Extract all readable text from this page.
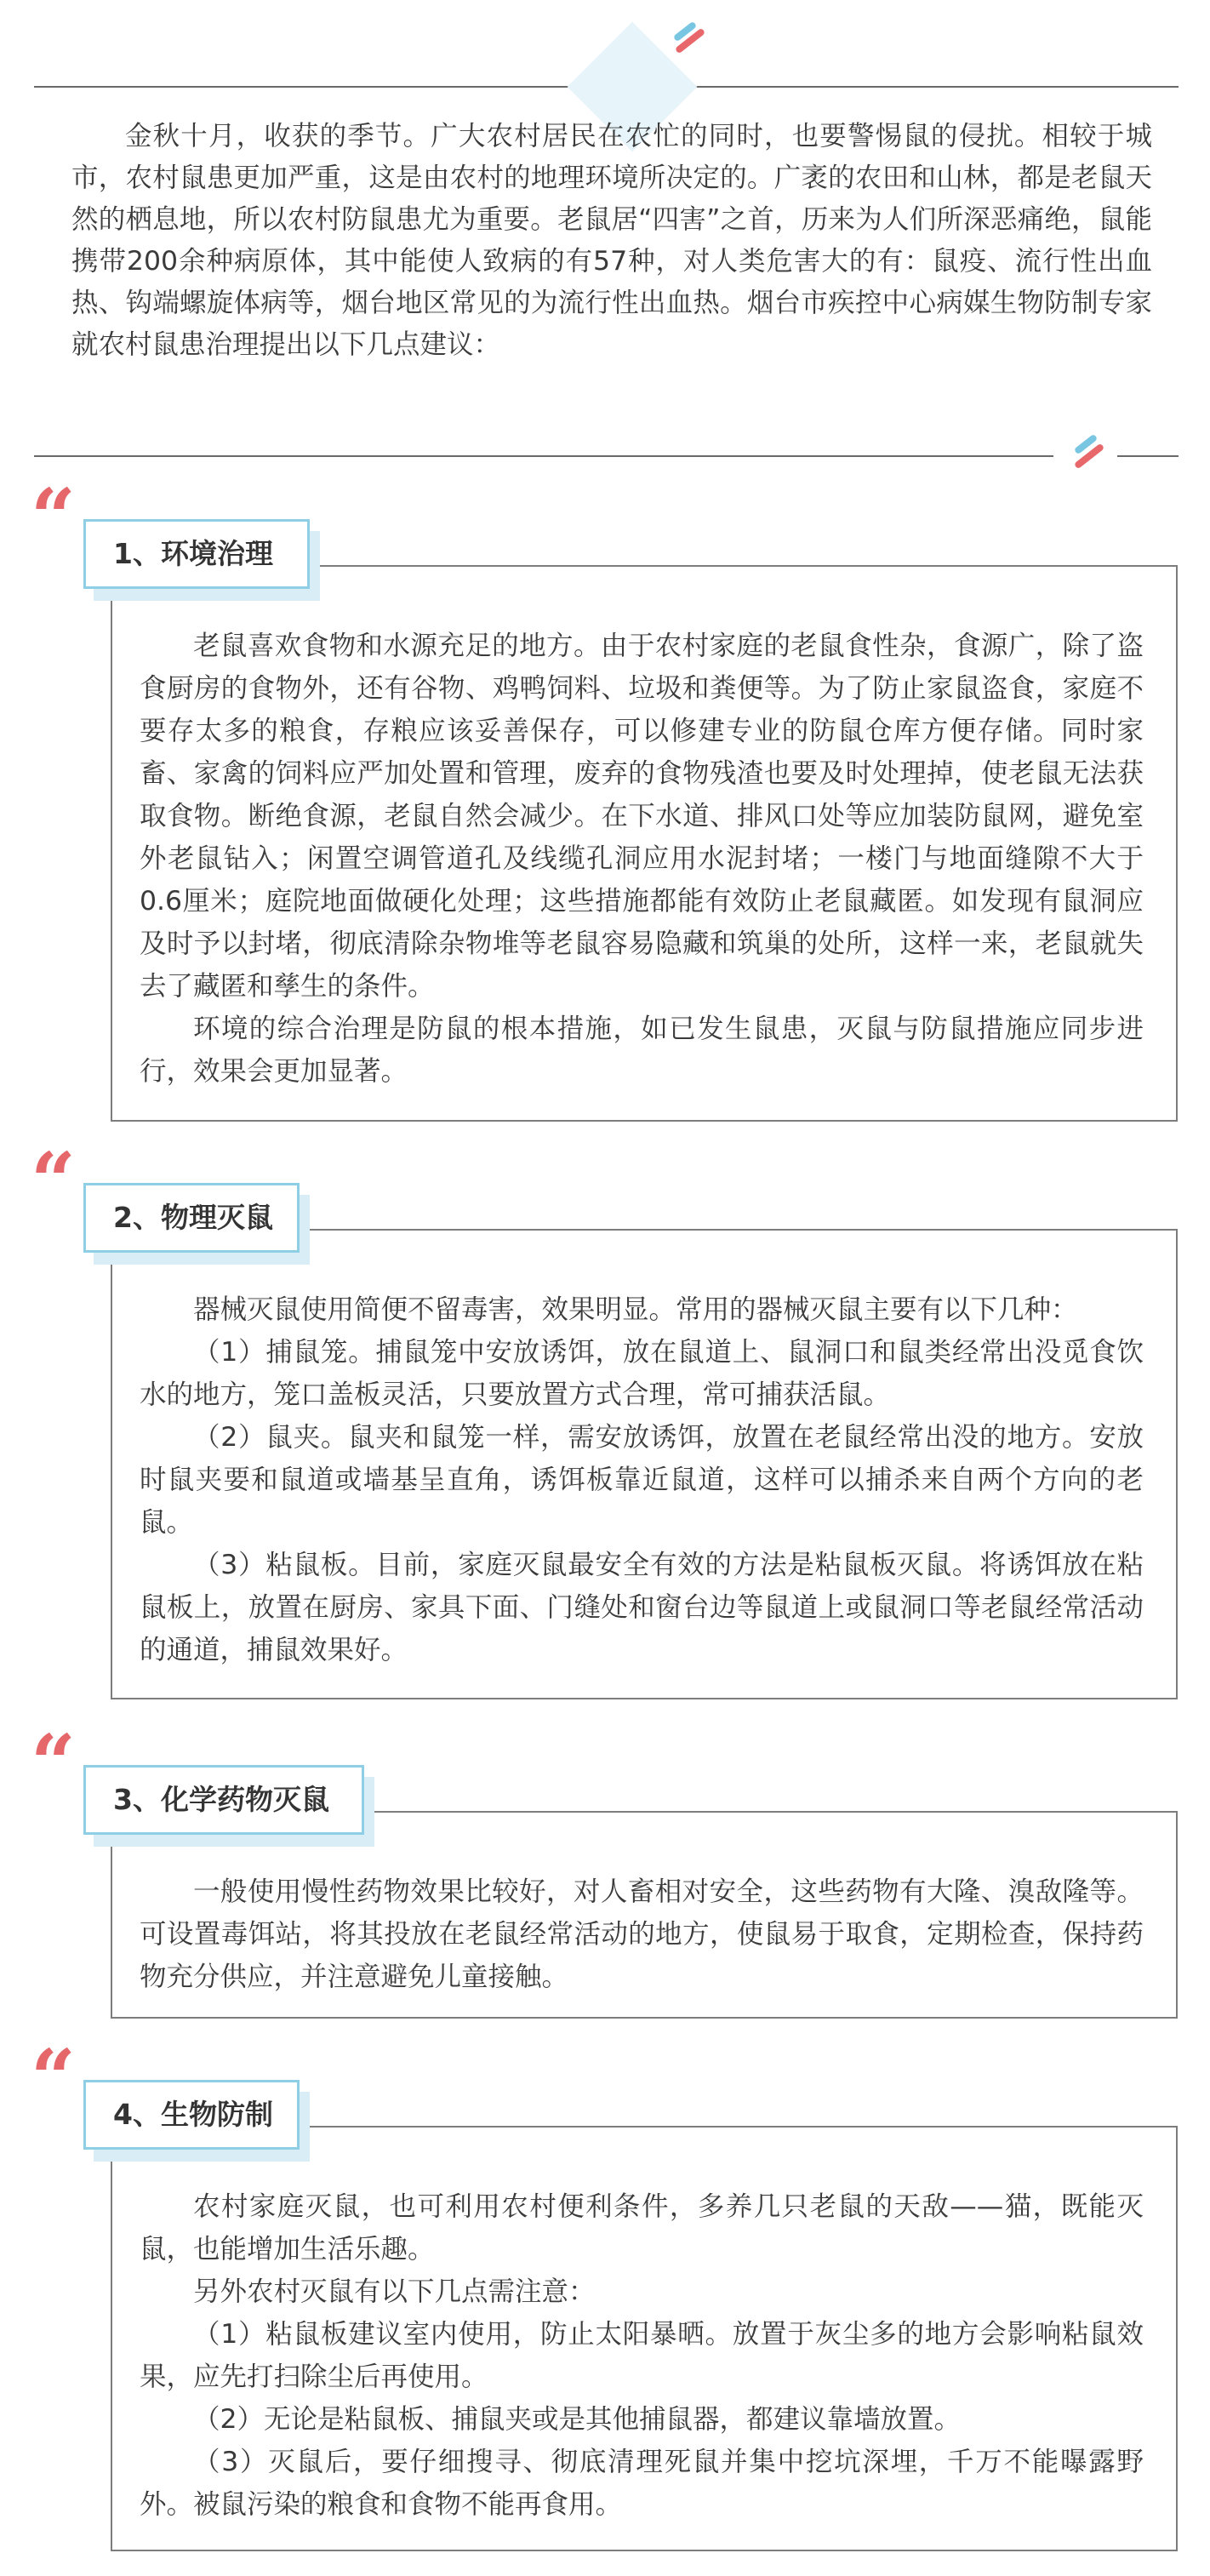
金秋十月，收获的季节。广大农村居民在农忙的同时，也要警惕鼠的侵扰。相较于城市，农村鼠患更加严重，这是由农村的地理环境所决定的。广袤的农田和山林，都是老鼠天然的栖息地，所以农村防鼠患尤为重要。老鼠居“四害”之首，历来为人们所深恶痛绝，鼠能携带200余种病原体，其中能使人致病的有57种，对人类危害大的有：鼠疫、流行性出血热、钩端螺旋体病等，烟台地区常见的为流行性出血热。烟台市疾控中心病媒生物防制专家就农村鼠患治理提出以下几点建议：

“

老鼠喜欢食物和水源充足的地方。由于农村家庭的老鼠食性杂，食源广，除了盗食厨房的食物外，还有谷物、鸡鸭饲料、垃圾和粪便等。为了防止家鼠盗食，家庭不要存太多的粮食，存粮应该妥善保存，可以修建专业的防鼠仓库方便存储。同时家畜、家禽的饲料应严加处置和管理，废弃的食物残渣也要及时处理掉，使老鼠无法获取食物。断绝食源，老鼠自然会减少。在下水道、排风口处等应加装防鼠网，避免室外老鼠钻入；闲置空调管道孔及线缆孔洞应用水泥封堵；一楼门与地面缝隙不大于0.6厘米；庭院地面做硬化处理；这些措施都能有效防止老鼠藏匿。如发现有鼠洞应及时予以封堵，彻底清除杂物堆等老鼠容易隐藏和筑巢的处所，这样一来，老鼠就失去了藏匿和孳生的条件。

环境的综合治理是防鼠的根本措施，如已发生鼠患，灭鼠与防鼠措施应同步进行，效果会更加显著。

1、环境治理
“

器械灭鼠使用简便不留毒害，效果明显。常用的器械灭鼠主要有以下几种：

（1）捕鼠笼。捕鼠笼中安放诱饵，放在鼠道上、鼠洞口和鼠类经常出没觅食饮水的地方，笼口盖板灵活，只要放置方式合理，常可捕获活鼠。

（2）鼠夹。鼠夹和鼠笼一样，需安放诱饵，放置在老鼠经常出没的地方。安放时鼠夹要和鼠道或墙基呈直角，诱饵板靠近鼠道，这样可以捕杀来自两个方向的老鼠。

（3）粘鼠板。目前，家庭灭鼠最安全有效的方法是粘鼠板灭鼠。将诱饵放在粘鼠板上，放置在厨房、家具下面、门缝处和窗台边等鼠道上或鼠洞口等老鼠经常活动的通道，捕鼠效果好。

2、物理灭鼠
“

一般使用慢性药物效果比较好，对人畜相对安全，这些药物有大隆、溴敌隆等。可设置毒饵站，将其投放在老鼠经常活动的地方，使鼠易于取食，定期检查，保持药物充分供应，并注意避免儿童接触。

3、化学药物灭鼠
“

农村家庭灭鼠，也可利用农村便利条件，多养几只老鼠的天敌——猫，既能灭鼠，也能增加生活乐趣。

另外农村灭鼠有以下几点需注意：

（1）粘鼠板建议室内使用，防止太阳暴晒。放置于灰尘多的地方会影响粘鼠效果，应先打扫除尘后再使用。

（2）无论是粘鼠板、捕鼠夹或是其他捕鼠器，都建议靠墙放置。

（3）灭鼠后，要仔细搜寻、彻底清理死鼠并集中挖坑深埋，千万不能曝露野外。被鼠污染的粮食和食物不能再食用。

4、生物防制
